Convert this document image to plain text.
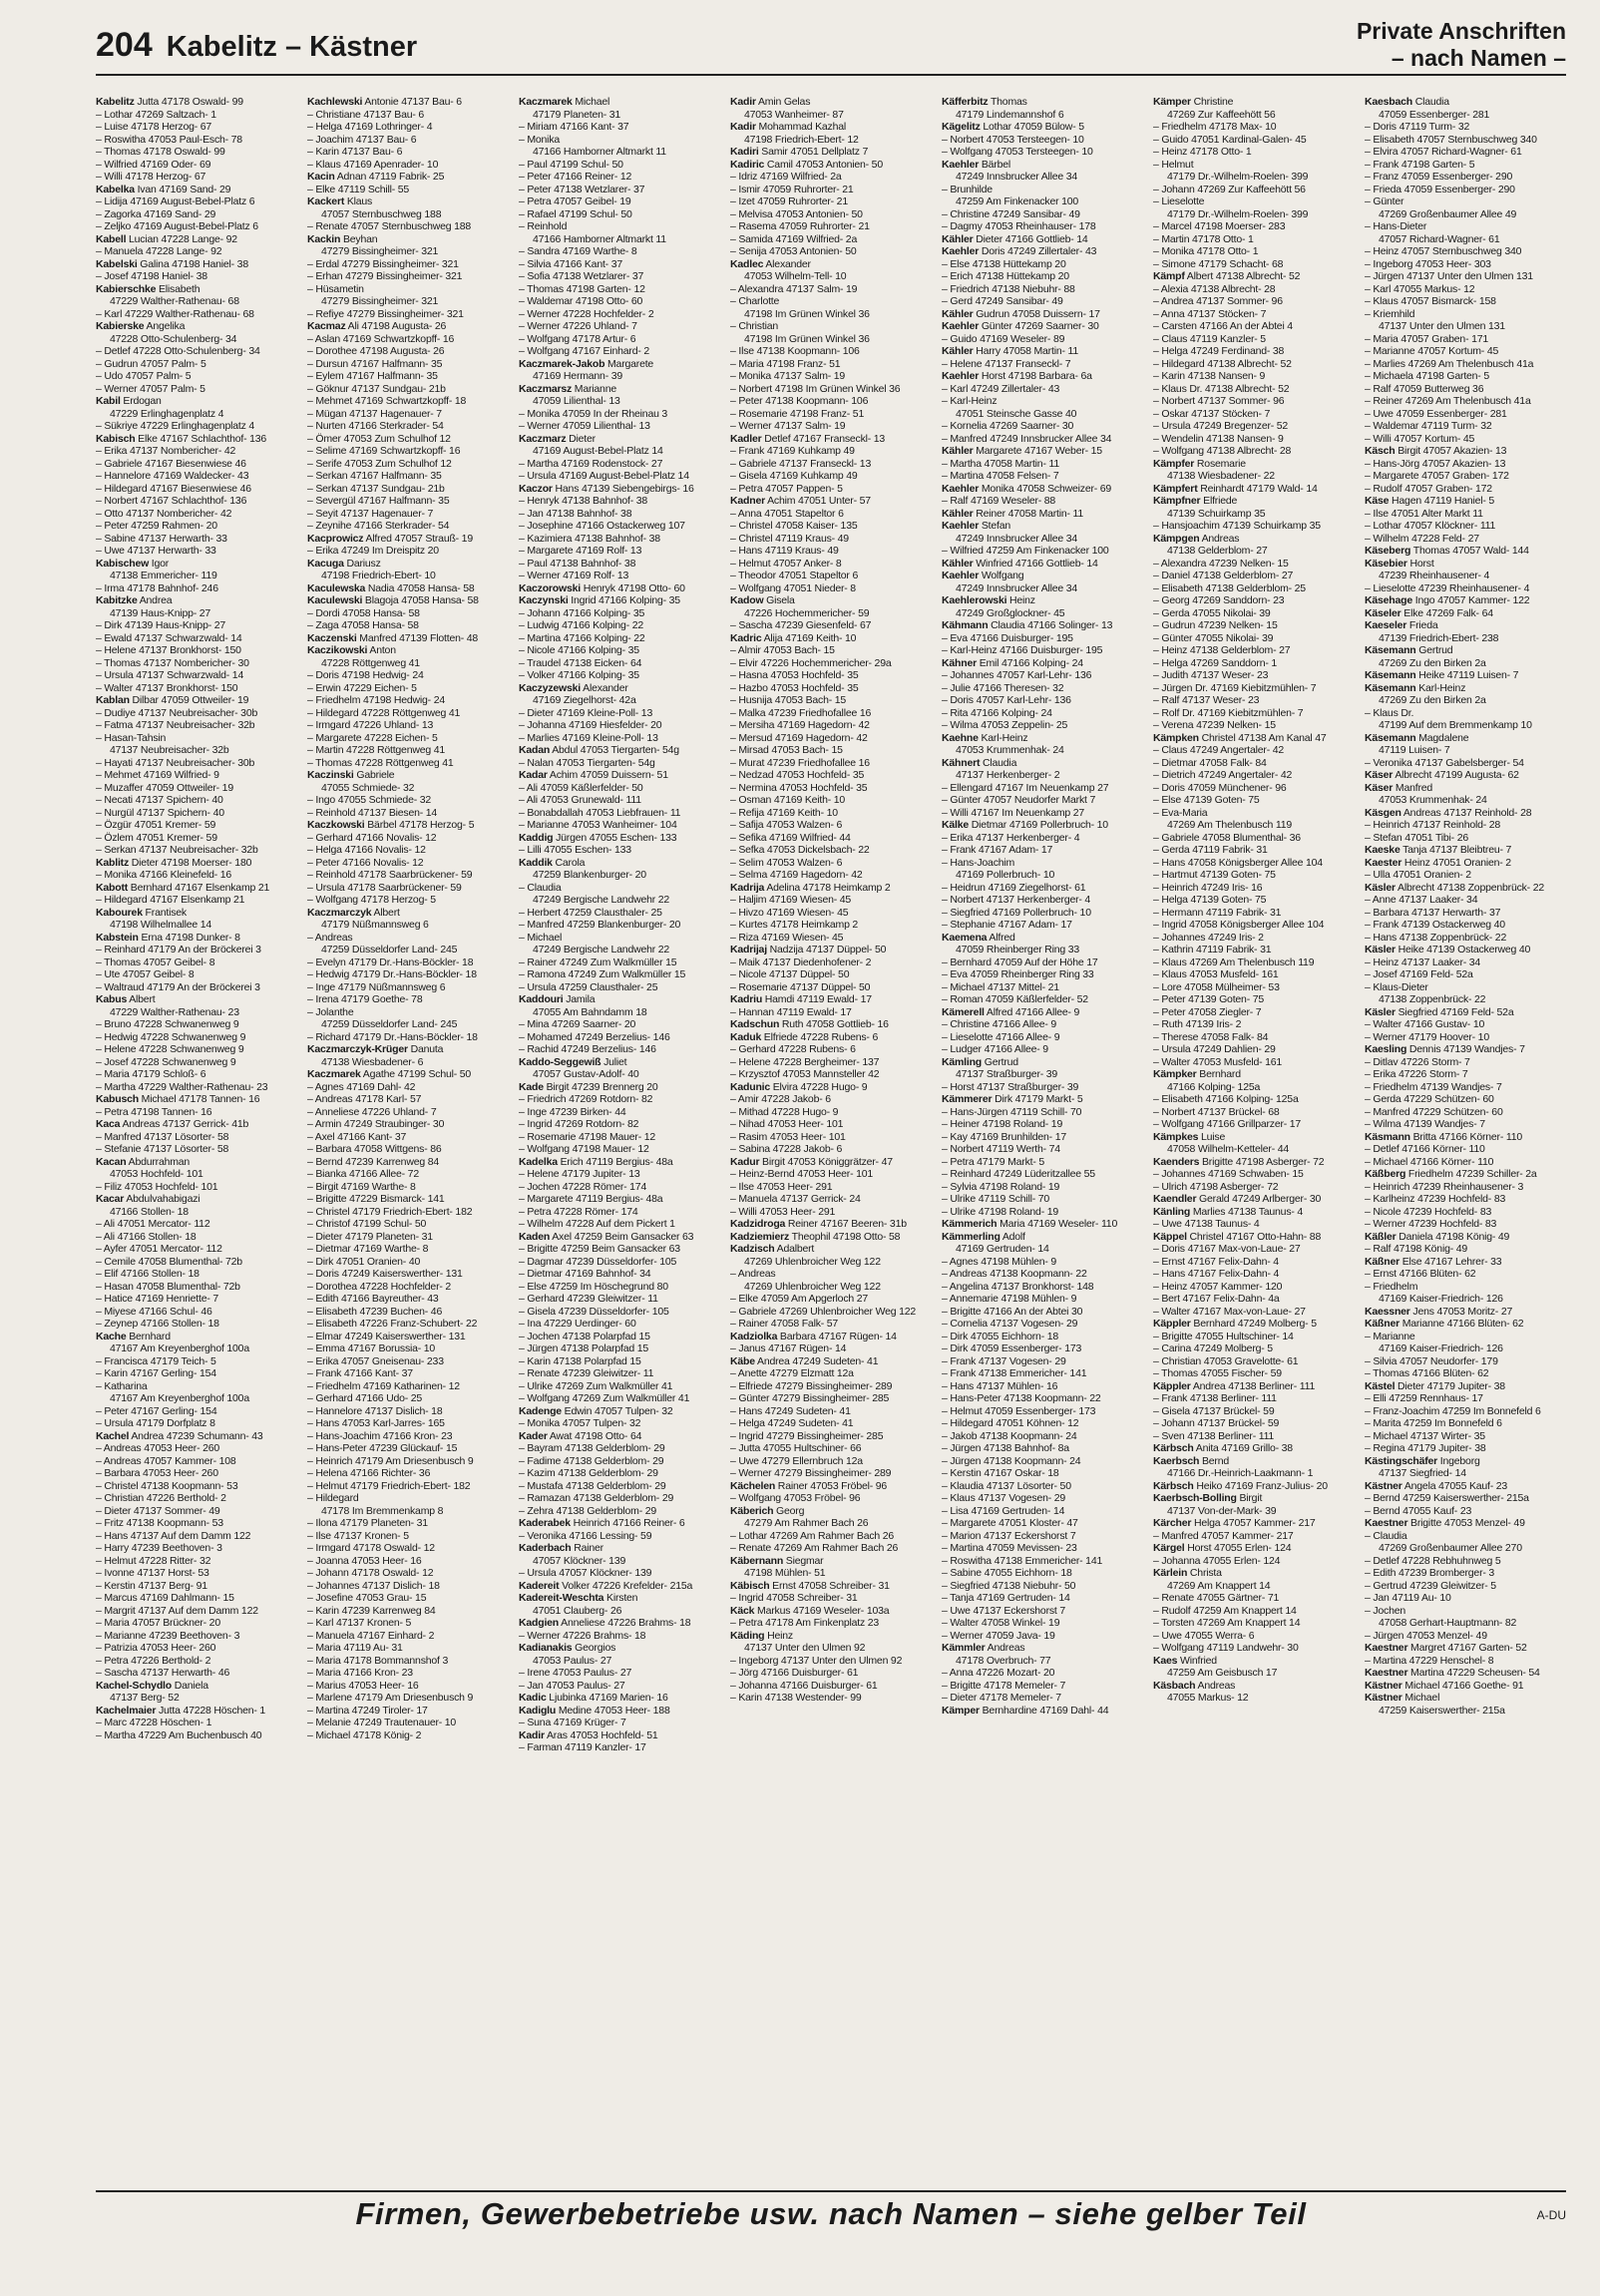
204 Kabelitz – Kästner	Private Anschriften
– nach Namen –
Kabelitz Jutta 47178 Oswald- 99
– Lothar 47269 Saltzach- 1
– Luise 47178 Herzog- 67
– Roswitha 47053 Paul-Esch- 78
– Thomas 47178 Oswald- 99
– Wilfried 47169 Oder- 69
– Willi 47178 Herzog- 67
Kabelka Ivan 47169 Sand- 29
– Lidija 47169 August-Bebel-Platz 6
– Zagorka 47169 Sand- 29
– Zeljko 47169 August-Bebel-Platz 6
Kabell Lucian 47228 Lange- 92
– Manuela 47228 Lange- 92
Kabelski Galina 47198 Haniel- 38
– Josef 47198 Haniel- 38
Kabierschke Elisabeth
47229 Walther-Rathenau- 68
– Karl 47229 Walther-Rathenau- 68
Kabierske Angelika
47228 Otto-Schulenberg- 34
– Detlef 47228 Otto-Schulenberg- 34
– Gudrun 47057 Palm- 5
– Udo 47057 Palm- 5
– Werner 47057 Palm- 5
Kabil Erdogan
47229 Erlinghagenplatz 4
– Sükriye 47229 Erlinghagenplatz 4
Kabisch Elke 47167 Schlachthof- 136
– Erika 47137 Nombericher- 42
– Gabriele 47167 Biesenwiese 46
– Hannelore 47169 Waldecker- 43
– Hildegard 47167 Biesenwiese 46
– Norbert 47167 Schlachthof- 136
– Otto 47137 Nombericher- 42
– Peter 47259 Rahmen- 20
– Sabine 47137 Herwarth- 33
– Uwe 47137 Herwarth- 33
Kabischew Igor
47138 Emmericher- 119
– Irma 47178 Bahnhof- 246
Kabitzke Andrea
47139 Haus-Knipp- 27
– Dirk 47139 Haus-Knipp- 27
– Ewald 47137 Schwarzwald- 14
– Helene 47137 Bronkhorst- 150
– Thomas 47137 Nombericher- 30
– Ursula 47137 Schwarzwald- 14
– Walter 47137 Bronkhorst- 150
Kablan Dilbar 47059 Ottweiler- 19
– Dudiye 47137 Neubreisacher- 30b
– Fatma 47137 Neubreisacher- 32b
– Hasan-Tahsin
47137 Neubreisacher- 32b
– Hayati 47137 Neubreisacher- 30b
– Mehmet 47169 Wilfried- 9
– Muzaffer 47059 Ottweiler- 19
– Necati 47137 Spichern- 40
– Nurgül 47137 Spichern- 40
– Özgür 47051 Kremer- 59
– Özlem 47051 Kremer- 59
– Serkan 47137 Neubreisacher- 32b
Kablitz Dieter 47198 Moerser- 180
– Monika 47166 Kleinefeld- 16
Kabott Bernhard 47167 Elsenkamp 21
– Hildegard 47167 Elsenkamp 21
Kabourek Frantisek
47198 Wilhelmallee 14
Kabstein Erna 47198 Dunker- 8
– Reinhard 47179 An der Bröckerei 3
– Thomas 47057 Geibel- 8
– Ute 47057 Geibel- 8
– Waltraud 47179 An der Bröckerei 3
Kabus Albert
47229 Walther-Rathenau- 23
– Bruno 47228 Schwanenweg 9
– Hedwig 47228 Schwanenweg 9
– Helene 47228 Schwanenweg 9
– Josef 47228 Schwanenweg 9
– Maria 47179 Schloß- 6
– Martha 47229 Walther-Rathenau- 23
Kabusch Michael 47178 Tannen- 16
– Petra 47198 Tannen- 16
Kaca Andreas 47137 Gerrick- 41b
– Manfred 47137 Lösorter- 58
– Stefanie 47137 Lösorter- 58
Kacan Abdurrahman
47053 Hochfeld- 101
– Filiz 47053 Hochfeld- 101
Kacar Abdulvahabigazi
47166 Stollen- 18
– Ali 47051 Mercator- 112
– Ali 47166 Stollen- 18
– Ayfer 47051 Mercator- 112
– Cemile 47058 Blumenthal- 72b
– Elif 47166 Stollen- 18
– Hasan 47058 Blumenthal- 72b
– Hatice 47169 Henriette- 7
– Miyese 47166 Schul- 46
– Zeynep 47166 Stollen- 18
Kache Bernhard
47167 Am Kreyenberghof 100a
– Francisca 47179 Teich- 5
– Karin 47167 Gerling- 154
– Katharina
47167 Am Kreyenberghof 100a
– Peter 47167 Gerling- 154
– Ursula 47179 Dorfplatz 8
Kachel Andrea 47239 Schumann- 43
– Andreas 47053 Heer- 260
– Andreas 47057 Kammer- 108
– Barbara 47053 Heer- 260
– Christel 47138 Koopmann- 53
– Christian 47226 Berthold- 2
– Dieter 47137 Sommer- 49
– Fritz 47138 Koopmann- 53
– Hans 47137 Auf dem Damm 122
– Harry 47239 Beethoven- 3
– Helmut 47228 Ritter- 32
– Ivonne 47137 Horst- 53
– Kerstin 47137 Berg- 91
– Marcus 47169 Dahlmann- 15
– Margrit 47137 Auf dem Damm 122
– Maria 47057 Brückner- 20
– Marianne 47239 Beethoven- 3
– Patrizia 47053 Heer- 260
– Petra 47226 Berthold- 2
– Sascha 47137 Herwarth- 46
Kachel-Schydlo Daniela
47137 Berg- 52
Kachelmaier Jutta 47228 Höschen- 1
– Marc 47228 Höschen- 1
– Martha 47229 Am Buchenbusch 40
Kachlewski Antonie 47137 Bau- 6
– Christiane 47137 Bau- 6
– Helga 47169 Lothringer- 4
– Joachim 47137 Bau- 6
– Karin 47137 Bau- 6
– Klaus 47169 Apenrader- 10
Kacin Adnan 47119 Fabrik- 25
– Elke 47119 Schill- 55
Kackert Klaus
47057 Sternbuschweg 188
– Renate 47057 Sternbuschweg 188
Kackin Beyhan
47279 Bissingheimer- 321
– Erdal 47279 Bissingheimer- 321
– Erhan 47279 Bissingheimer- 321
– Hüsametin
47279 Bissingheimer- 321
– Refiye 47279 Bissingheimer- 321
Kacmaz Ali 47198 Augusta- 26
– Aslan 47169 Schwartzkopff- 16
– Dorothee 47198 Augusta- 26
– Dursun 47167 Halfmann- 35
– Eylem 47167 Halfmann- 35
– Göknur 47137 Sundgau- 21b
– Mehmet 47169 Schwartzkopff- 18
– Mügan 47137 Hagenauer- 7
– Nurten 47166 Sterkrader- 54
– Ömer 47053 Zum Schulhof 12
– Selime 47169 Schwartzkopff- 16
– Serife 47053 Zum Schulhof 12
– Serkan 47167 Halfmann- 35
– Serkan 47137 Sundgau- 21b
– Severgül 47167 Halfmann- 35
– Seyit 47137 Hagenauer- 7
– Zeynihe 47166 Sterkrader- 54
Kacprowicz Alfred 47057 Strauß- 19
– Erika 47249 Im Dreispitz 20
Kacuga Dariusz
47198 Friedrich-Ebert- 10
Kaculewska Nadia 47058 Hansa- 58
Kaculewski Blagoja 47058 Hansa- 58
– Dordi 47058 Hansa- 58
– Zaga 47058 Hansa- 58
Kaczenski Manfred 47139 Flotten- 48
Kaczikowski Anton
47228 Röttgenweg 41
– Doris 47198 Hedwig- 24
– Erwin 47229 Eichen- 5
– Friedhelm 47198 Hedwig- 24
– Hildegard 47228 Röttgenweg 41
– Irmgard 47226 Uhland- 13
– Margarete 47228 Eichen- 5
– Martin 47228 Röttgenweg 41
– Thomas 47228 Röttgenweg 41
Kaczinski Gabriele
47055 Schmiede- 32
– Ingo 47055 Schmiede- 32
– Reinhold 47137 Biesen- 14
Kaczkowski Bärbel 47178 Herzog- 5
– Gerhard 47166 Novalis- 12
– Helga 47166 Novalis- 12
– Peter 47166 Novalis- 12
– Reinhold 47178 Saarbrückener- 59
– Ursula 47178 Saarbrückener- 59
– Wolfgang 47178 Herzog- 5
Kaczmarczyk Albert
47179 Nüßmannsweg 6
– Andreas
47259 Düsseldorfer Land- 245
– Evelyn 47179 Dr.-Hans-Böckler- 18
– Hedwig 47179 Dr.-Hans-Böckler- 18
– Inge 47179 Nüßmannsweg 6
– Irena 47179 Goethe- 78
– Jolanthe
47259 Düsseldorfer Land- 245
– Richard 47179 Dr.-Hans-Böckler- 18
Kaczmarczyk-Krüger Danuta
47138 Wiesbadener- 6
Kaczmarek Agathe 47199 Schul- 50
– Agnes 47169 Dahl- 42
– Andreas 47178 Karl- 57
– Anneliese 47226 Uhland- 7
– Armin 47249 Straubinger- 30
– Axel 47166 Kant- 37
– Barbara 47058 Wittgens- 86
– Bernd 47239 Karrenweg 84
– Bianka 47166 Allee- 72
– Birgit 47169 Warthe- 8
– Brigitte 47229 Bismarck- 141
– Christel 47179 Friedrich-Ebert- 182
– Christof 47199 Schul- 50
– Dieter 47179 Planeten- 31
– Dietmar 47169 Warthe- 8
– Dirk 47051 Oranien- 40
– Doris 47249 Kaiserswerther- 131
– Dorothea 47228 Hochfelder- 2
– Edith 47166 Bayreuther- 43
– Elisabeth 47239 Buchen- 46
– Elisabeth 47226 Franz-Schubert- 22
– Elmar 47249 Kaiserswerther- 131
– Emma 47167 Borussia- 10
– Erika 47057 Gneisenau- 233
– Frank 47166 Kant- 37
– Friedhelm 47169 Katharinen- 12
– Gerhard 47166 Udo- 25
– Hannelore 47137 Dislich- 18
– Hans 47053 Karl-Jarres- 165
– Hans-Joachim 47166 Kron- 23
– Hans-Peter 47239 Glückauf- 15
– Heinrich 47179 Am Driesenbusch 9
– Helena 47166 Richter- 36
– Helmut 47179 Friedrich-Ebert- 182
– Hildegard
47178 Im Bremmenkamp 8
– Ilona 47179 Planeten- 31
– Ilse 47137 Kronen- 5
– Irmgard 47178 Oswald- 12
– Joanna 47053 Heer- 16
– Johann 47178 Oswald- 12
– Johannes 47137 Dislich- 18
– Josefine 47053 Grau- 15
– Karin 47239 Karrenweg 84
– Karl 47137 Kronen- 5
– Manuela 47167 Einhard- 2
– Maria 47119 Au- 31
– Maria 47178 Bommannshof 3
– Maria 47166 Kron- 23
– Marius 47053 Heer- 16
– Marlene 47179 Am Driesenbusch 9
– Martina 47249 Tiroler- 17
– Melanie 47249 Trautenauer- 10
– Michael 47178 König- 2
Kaczmarek Michael
47179 Planeten- 31
– Miriam 47166 Kant- 37
– Monika
47166 Hamborner Altmarkt 11
– Paul 47199 Schul- 50
– Peter 47166 Reiner- 12
– Peter 47138 Wetzlarer- 37
– Petra 47057 Geibel- 19
– Rafael 47199 Schul- 50
– Reinhold
47166 Hamborner Altmarkt 11
– Sandra 47169 Warthe- 8
– Silvia 47166 Kant- 37
– Sofia 47138 Wetzlarer- 37
– Thomas 47198 Garten- 12
– Waldemar 47198 Otto- 60
– Werner 47228 Hochfelder- 2
– Werner 47226 Uhland- 7
– Wolfgang 47178 Artur- 6
– Wolfgang 47167 Einhard- 2
Kaczmarek-Jakob Margarete
47169 Hermann- 39
Kaczmarsz Marianne
47059 Lilienthal- 13
– Monika 47059 In der Rheinau 3
– Werner 47059 Lilienthal- 13
Kaczmarz Dieter
47169 August-Bebel-Platz 14
– Martha 47169 Rodenstock- 27
– Ursula 47169 August-Bebel-Platz 14
Kaczor Hans 47139 Siebengebirgs- 16
– Henryk 47138 Bahnhof- 38
– Jan 47138 Bahnhof- 38
– Josephine 47166 Ostackerweg 107
– Kazimiera 47138 Bahnhof- 38
– Margarete 47169 Rolf- 13
– Paul 47138 Bahnhof- 38
– Werner 47169 Rolf- 13
Kaczorowski Henryk 47198 Otto- 60
Kaczynski Ingrid 47166 Kolping- 35
– Johann 47166 Kolping- 35
– Ludwig 47166 Kolping- 22
– Martina 47166 Kolping- 22
– Nicole 47166 Kolping- 35
– Traudel 47138 Eicken- 64
– Volker 47166 Kolping- 35
Kaczyzewski Alexander
47169 Ziegelhorst- 42a
– Dieter 47169 Kleine-Poll- 13
– Johanna 47169 Hiesfelder- 20
– Marlies 47169 Kleine-Poll- 13
Kadan Abdul 47053 Tiergarten- 54g
– Nalan 47053 Tiergarten- 54g
Kadar Achim 47059 Duissern- 51
– Ali 47059 Käßlerfelder- 50
– Ali 47053 Grunewald- 111
– Bonabdallah 47053 Liebfrauen- 11
– Marianne 47053 Wanheimer- 104
Kaddig Jürgen 47055 Eschen- 133
– Lilli 47055 Eschen- 133
Kaddik Carola
47259 Blankenburger- 20
– Claudia
47249 Bergische Landwehr 22
– Herbert 47259 Clausthaler- 25
– Manfred 47259 Blankenburger- 20
– Michael
47249 Bergische Landwehr 22
– Rainer 47249 Zum Walkmüller 15
– Ramona 47249 Zum Walkmüller 15
– Ursula 47259 Clausthaler- 25
Kaddouri Jamila
47055 Am Bahndamm 18
– Mina 47269 Saarner- 20
– Mohamed 47249 Berzelius- 146
– Rachid 47249 Berzelius- 146
Kaddo-Seggewiß Juliet
47057 Gustav-Adolf- 40
Kade Birgit 47239 Brennerg 20
– Friedrich 47269 Rotdorn- 82
– Inge 47239 Birken- 44
– Ingrid 47269 Rotdorn- 82
– Rosemarie 47198 Mauer- 12
– Wolfgang 47198 Mauer- 12
Kadelka Erich 47119 Bergius- 48a
– Helene 47179 Jupiter- 13
– Jochen 47228 Römer- 174
– Margarete 47119 Bergius- 48a
– Petra 47228 Römer- 174
– Wilhelm 47228 Auf dem Pickert 1
Kaden Axel 47259 Beim Gansacker 63
– Brigitte 47259 Beim Gansacker 63
– Dagmar 47239 Düsseldorfer- 105
– Dietmar 47169 Bahnhof- 34
– Else 47259 Im Höschegrund 80
– Gerhard 47239 Gleiwitzer- 11
– Gisela 47239 Düsseldorfer- 105
– Ina 47229 Uerdinger- 60
– Jochen 47138 Polarpfad 15
– Jürgen 47138 Polarpfad 15
– Karin 47138 Polarpfad 15
– Renate 47239 Gleiwitzer- 11
– Ulrike 47269 Zum Walkmüller 41
– Wolfgang 47269 Zum Walkmüller 41
Kadenge Edwin 47057 Tulpen- 32
– Monika 47057 Tulpen- 32
Kader Awat 47198 Otto- 64
– Bayram 47138 Gelderblom- 29
– Fadime 47138 Gelderblom- 29
– Kazim 47138 Gelderblom- 29
– Mustafa 47138 Gelderblom- 29
– Ramazan 47138 Gelderblom- 29
– Zehra 47138 Gelderblom- 29
Kaderabek Heinrich 47166 Reiner- 6
– Veronika 47166 Lessing- 59
Kaderbach Rainer
47057 Klöckner- 139
– Ursula 47057 Klöckner- 139
Kadereit Volker 47226 Krefelder- 215a
Kadereit-Weschta Kirsten
47051 Clauberg- 26
Kadgien Anneliese 47226 Brahms- 18
– Werner 47226 Brahms- 18
Kadianakis Georgios
47053 Paulus- 27
– Irene 47053 Paulus- 27
– Jan 47053 Paulus- 27
Kadic Ljubinka 47169 Marien- 16
Kadiglu Medine 47053 Heer- 188
– Suna 47169 Krüger- 7
Kadir Aras 47053 Hochfeld- 51
– Farman 47119 Kanzler- 17
Kadir Amin Gelas
47053 Wanheimer- 87
Kadir Mohammad Kazhal
47198 Friedrich-Ebert- 12
Kadiri Samir 47051 Dellplatz 7
Kadiric Camil 47053 Antonien- 50
– Idriz 47169 Wilfried- 2a
– Ismir 47059 Ruhrorter- 21
– Izet 47059 Ruhrorter- 21
– Melvisa 47053 Antonien- 50
– Rasema 47059 Ruhrorter- 21
– Samida 47169 Wilfried- 2a
– Senija 47053 Antonien- 50
Kadlec Alexander
47053 Wilhelm-Tell- 10
– Alexandra 47137 Salm- 19
– Charlotte
47198 Im Grünen Winkel 36
– Christian
47198 Im Grünen Winkel 36
– Ilse 47138 Koopmann- 106
– Maria 47198 Franz- 51
– Monika 47137 Salm- 19
– Norbert 47198 Im Grünen Winkel 36
– Peter 47138 Koopmann- 106
– Rosemarie 47198 Franz- 51
– Werner 47137 Salm- 19
Kadler Detlef 47167 Franseckl- 13
– Frank 47169 Kuhkamp 49
– Gabriele 47137 Franseckl- 13
– Gisela 47169 Kuhkamp 49
– Petra 47057 Pappen- 5
Kadner Achim 47051 Unter- 57
– Anna 47051 Stapeltor 6
– Christel 47058 Kaiser- 135
– Christel 47119 Kraus- 49
– Hans 47119 Kraus- 49
– Helmut 47057 Anker- 8
– Theodor 47051 Stapeltor 6
– Wolfgang 47051 Nieder- 8
Kadow Gisela
47226 Hochemmericher- 59
– Sascha 47239 Giesenfeld- 67
Kadric Alija 47169 Keith- 10
– Almir 47053 Bach- 15
– Elvir 47226 Hochemmericher- 29a
– Hasna 47053 Hochfeld- 35
– Hazbo 47053 Hochfeld- 35
– Husnija 47053 Bach- 15
– Malka 47239 Friedhofallee 16
– Mersiha 47169 Hagedorn- 42
– Mersud 47169 Hagedorn- 42
– Mirsad 47053 Bach- 15
– Murat 47239 Friedhofallee 16
– Nedzad 47053 Hochfeld- 35
– Nermina 47053 Hochfeld- 35
– Osman 47169 Keith- 10
– Refija 47169 Keith- 10
– Safija 47053 Walzen- 6
– Sefika 47169 Wilfried- 44
– Sefka 47053 Dickelsbach- 22
– Selim 47053 Walzen- 6
– Selma 47169 Hagedorn- 42
Kadrija Adelina 47178 Heimkamp 2
– Haljim 47169 Wiesen- 45
– Hivzo 47169 Wiesen- 45
– Kurtes 47178 Heimkamp 2
– Riza 47169 Wiesen- 45
Kadrijaj Nadzija 47137 Düppel- 50
– Maik 47137 Diedenhofener- 2
– Nicole 47137 Düppel- 50
– Rosemarie 47137 Düppel- 50
Kadriu Hamdi 47119 Ewald- 17
– Hannan 47119 Ewald- 17
Kadschun Ruth 47058 Gottlieb- 16
Kaduk Elfriede 47228 Rubens- 6
– Gerhard 47228 Rubens- 6
– Helene 47228 Bergheimer- 137
– Krzysztof 47053 Mannsteller 42
Kadunic Elvira 47228 Hugo- 9
– Amir 47228 Jakob- 6
– Mithad 47228 Hugo- 9
– Nihad 47053 Heer- 101
– Rasim 47053 Heer- 101
– Sabina 47228 Jakob- 6
Kadur Birgit 47053 Königgrätzer- 47
– Heinz-Bernd 47053 Heer- 101
– Ilse 47053 Heer- 291
– Manuela 47137 Gerrick- 24
– Willi 47053 Heer- 291
Kadzidroga Reiner 47167 Beeren- 31b
Kadziemierz Theophil 47198 Otto- 58
Kadzisch Adalbert
47269 Uhlenbroicher Weg 122
– Andreas
47269 Uhlenbroicher Weg 122
– Elke 47059 Am Apgerloch 27
– Gabriele 47269 Uhlenbroicher Weg 122
– Rainer 47058 Falk- 57
Kadziolka Barbara 47167 Rügen- 14
– Janus 47167 Rügen- 14
Käbe Andrea 47249 Sudeten- 41
– Anette 47279 Elzmatt 12a
– Elfriede 47279 Bissingheimer- 289
– Günter 47279 Bissingheimer- 285
– Hans 47249 Sudeten- 41
– Helga 47249 Sudeten- 41
– Ingrid 47279 Bissingheimer- 285
– Jutta 47055 Hultschiner- 66
– Uwe 47279 Ellernbruch 12a
– Werner 47279 Bissingheimer- 289
Kächelen Rainer 47053 Fröbel- 96
– Wolfgang 47053 Fröbel- 96
Käberich Georg
47279 Am Rahmer Bach 26
– Lothar 47269 Am Rahmer Bach 26
– Renate 47269 Am Rahmer Bach 26
Käbernann Siegmar
47198 Mühlen- 51
Käbisch Ernst 47058 Schreiber- 31
– Ingrid 47058 Schreiber- 31
Käck Markus 47169 Weseler- 103a
– Petra 47178 Am Finkenplatz 23
Käding Heinz
47137 Unter den Ulmen 92
– Ingeborg 47137 Unter den Ulmen 92
– Jörg 47166 Duisburger- 61
– Johanna 47166 Duisburger- 61
– Karin 47138 Westender- 99
Käfferbitz Thomas
47179 Lindemannshof 6
Kägelitz Lothar 47059 Bülow- 5
– Norbert 47053 Tersteegen- 10
– Wolfgang 47053 Tersteegen- 10
Kaehler Bärbel
47249 Innsbrucker Allee 34
– Brunhilde
47259 Am Finkenacker 100
– Christine 47249 Sansibar- 49
– Dagmy 47053 Rheinhauser- 178
Kähler Dieter 47166 Gottlieb- 14
Kaehler Doris 47249 Zillertaler- 43
– Else 47138 Hüttekamp 20
– Erich 47138 Hüttekamp 20
– Friedrich 47138 Niebuhr- 88
– Gerd 47249 Sansibar- 49
Kähler Gudrun 47058 Duissern- 17
Kaehler Günter 47269 Saarner- 30
– Guido 47169 Weseler- 89
Kähler Harry 47058 Martin- 11
– Helene 47137 Franseckl- 7
Kaehler Horst 47198 Barbara- 6a
– Karl 47249 Zillertaler- 43
– Karl-Heinz
47051 Steinsche Gasse 40
– Kornelia 47269 Saarner- 30
– Manfred 47249 Innsbrucker Allee 34
Kähler Margarete 47167 Weber- 15
– Martha 47058 Martin- 11
– Martina 47058 Felsen- 7
Kaehler Monika 47058 Schweizer- 69
– Ralf 47169 Weseler- 88
Kähler Reiner 47058 Martin- 11
Kaehler Stefan
47249 Innsbrucker Allee 34
– Wilfried 47259 Am Finkenacker 100
Kähler Winfried 47166 Gottlieb- 14
Kaehler Wolfgang
47249 Innsbrucker Allee 34
Kaehlerowski Heinz
47249 Großglockner- 45
Kähmann Claudia 47166 Solinger- 13
– Eva 47166 Duisburger- 195
– Karl-Heinz 47166 Duisburger- 195
Kähner Emil 47166 Kolping- 24
– Johannes 47057 Karl-Lehr- 136
– Julie 47166 Theresen- 32
– Doris 47057 Karl-Lehr- 136
– Rita 47166 Kolping- 24
– Wilma 47053 Zeppelin- 25
Kaehne Karl-Heinz
47053 Krummenhak- 24
Kähnert Claudia
47137 Herkenberger- 2
– Ellengard 47167 Im Neuenkamp 27
– Günter 47057 Neudorfer Markt 7
– Willi 47167 Im Neuenkamp 27
Kälke Dietmar 47169 Pollerbruch- 10
– Erika 47137 Herkenberger- 4
– Frank 47167 Adam- 17
– Hans-Joachim
47169 Pollerbruch- 10
– Heidrun 47169 Ziegelhorst- 61
– Norbert 47137 Herkenberger- 4
– Siegfried 47169 Pollerbruch- 10
– Stephanie 47167 Adam- 17
Kaemena Alfred
47059 Rheinberger Ring 33
– Bernhard 47059 Auf der Höhe 17
– Eva 47059 Rheinberger Ring 33
– Michael 47137 Mittel- 21
– Roman 47059 Käßlerfelder- 52
Kämerell Alfred 47166 Allee- 9
– Christine 47166 Allee- 9
– Lieselotte 47166 Allee- 9
– Ludger 47166 Allee- 9
Kämling Gertrud
47137 Straßburger- 39
– Horst 47137 Straßburger- 39
Kämmerer Dirk 47179 Markt- 5
– Hans-Jürgen 47119 Schill- 70
– Heiner 47198 Roland- 19
– Kay 47169 Brunhilden- 17
– Norbert 47119 Werth- 74
– Petra 47179 Markt- 5
– Reinhard 47249 Lüderitzallee 55
– Sylvia 47198 Roland- 19
– Ulrike 47119 Schill- 70
– Ulrike 47198 Roland- 19
Kämmerich Maria 47169 Weseler- 110
Kämmerling Adolf
47169 Gertruden- 14
– Agnes 47198 Mühlen- 9
– Andreas 47138 Koopmann- 22
– Angelina 47137 Bronkhorst- 148
– Annemarie 47198 Mühlen- 9
– Brigitte 47166 An der Abtei 30
– Cornelia 47137 Vogesen- 29
– Dirk 47055 Eichhorn- 18
– Dirk 47059 Essenberger- 173
– Frank 47137 Vogesen- 29
– Frank 47138 Emmericher- 141
– Hans 47137 Mühlen- 16
– Hans-Peter 47138 Koopmann- 22
– Helmut 47059 Essenberger- 173
– Hildegard 47051 Köhnen- 12
– Jakob 47138 Koopmann- 24
– Jürgen 47138 Bahnhof- 8a
– Jürgen 47138 Koopmann- 24
– Kerstin 47167 Oskar- 18
– Klaudia 47137 Lösorter- 50
– Klaus 47137 Vogesen- 29
– Lisa 47169 Gertruden- 14
– Margarete 47051 Kloster- 47
– Marion 47137 Eckershorst 7
– Martina 47059 Mevissen- 23
– Roswitha 47138 Emmericher- 141
– Sabine 47055 Eichhorn- 18
– Siegfried 47138 Niebuhr- 50
– Tanja 47169 Gertruden- 14
– Uwe 47137 Eckershorst 7
– Walter 47058 Winkel- 19
– Werner 47059 Java- 19
Kämmler Andreas
47178 Overbruch- 77
– Anna 47226 Mozart- 20
– Brigitte 47178 Memeler- 7
– Dieter 47178 Memeler- 7
Kämper Bernhardine 47169 Dahl- 44
Kämper Christine
47269 Zur Kaffeehött 56
– Friedhelm 47178 Max- 10
– Guido 47051 Kardinal-Galen- 45
– Heinz 47178 Otto- 1
– Helmut
47179 Dr.-Wilhelm-Roelen- 399
– Johann 47269 Zur Kaffeehött 56
– Lieselotte
47179 Dr.-Wilhelm-Roelen- 399
– Marcel 47198 Moerser- 283
– Martin 47178 Otto- 1
– Monika 47178 Otto- 1
– Simone 47179 Schacht- 68
Kämpf Albert 47138 Albrecht- 52
– Alexia 47138 Albrecht- 28
– Andrea 47137 Sommer- 96
– Anna 47137 Stöcken- 7
– Carsten 47166 An der Abtei 4
– Claus 47119 Kanzler- 5
– Helga 47249 Ferdinand- 38
– Hildegard 47138 Albrecht- 52
– Karin 47138 Nansen- 9
– Klaus Dr. 47138 Albrecht- 52
– Norbert 47137 Sommer- 96
– Oskar 47137 Stöcken- 7
– Ursula 47249 Bregenzer- 52
– Wendelin 47138 Nansen- 9
– Wolfgang 47138 Albrecht- 28
Kämpfer Rosemarie
47138 Wiesbadener- 22
Kämpfert Reinhardt 47179 Wald- 14
Kämpfner Elfriede
47139 Schuirkamp 35
– Hansjoachim 47139 Schuirkamp 35
Kämpgen Andreas
47138 Gelderblom- 27
– Alexandra 47239 Nelken- 15
– Daniel 47138 Gelderblom- 27
– Elisabeth 47138 Gelderblom- 25
– Georg 47269 Sanddorn- 23
– Gerda 47055 Nikolai- 39
– Gudrun 47239 Nelken- 15
– Günter 47055 Nikolai- 39
– Heinz 47138 Gelderblom- 27
– Helga 47269 Sanddorn- 1
– Judith 47137 Weser- 23
– Jürgen Dr. 47169 Kiebitzmühlen- 7
– Ralf 47137 Weser- 23
– Rolf Dr. 47169 Kiebitzmühlen- 7
– Verena 47239 Nelken- 15
Kämpken Christel 47138 Am Kanal 47
– Claus 47249 Angertaler- 42
– Dietmar 47058 Falk- 84
– Dietrich 47249 Angertaler- 42
– Doris 47059 Münchener- 96
– Else 47139 Goten- 75
– Eva-Maria
47269 Am Thelenbusch 119
– Gabriele 47058 Blumenthal- 36
– Gerda 47119 Fabrik- 31
– Hans 47058 Königsberger Allee 104
– Hartmut 47139 Goten- 75
– Heinrich 47249 Iris- 16
– Helga 47139 Goten- 75
– Hermann 47119 Fabrik- 31
– Ingrid 47058 Königsberger Allee 104
– Johannes 47249 Iris- 2
– Kathrin 47119 Fabrik- 31
– Klaus 47269 Am Thelenbusch 119
– Klaus 47053 Musfeld- 161
– Lore 47058 Mülheimer- 53
– Peter 47139 Goten- 75
– Peter 47058 Ziegler- 7
– Ruth 47139 Iris- 2
– Therese 47058 Falk- 84
– Ursula 47249 Dahlien- 29
– Walter 47053 Musfeld- 161
Kämpker Bernhard
47166 Kolping- 125a
– Elisabeth 47166 Kolping- 125a
– Norbert 47137 Brückel- 68
– Wolfgang 47166 Grillparzer- 17
Kämpkes Luise
47058 Wilhelm-Ketteler- 44
Kaenders Brigitte 47198 Asberger- 72
– Johannes 47169 Schwaben- 15
– Ulrich 47198 Asberger- 72
Kaendler Gerald 47249 Arlberger- 30
Känling Marlies 47138 Taunus- 4
– Uwe 47138 Taunus- 4
Käppel Christel 47167 Otto-Hahn- 88
– Doris 47167 Max-von-Laue- 27
– Ernst 47167 Felix-Dahn- 4
– Hans 47167 Felix-Dahn- 4
– Heinz 47057 Kammer- 120
– Bert 47167 Felix-Dahn- 4a
– Walter 47167 Max-von-Laue- 27
Käppler Bernhard 47249 Molberg- 5
– Brigitte 47055 Hultschiner- 14
– Carina 47249 Molberg- 5
– Christian 47053 Gravelotte- 61
– Thomas 47055 Fischer- 59
Käppler Andrea 47138 Berliner- 111
– Frank 47138 Berliner- 111
– Gisela 47137 Brückel- 59
– Johann 47137 Brückel- 59
– Sven 47138 Berliner- 111
Kärbsch Anita 47169 Grillo- 38
Kaerbsch Bernd
47166 Dr.-Heinrich-Laakmann- 1
Kärbsch Heiko 47169 Franz-Julius- 20
Kaerbsch-Bolling Birgit
47137 Von-der-Mark- 39
Kärcher Helga 47057 Kammer- 217
– Manfred 47057 Kammer- 217
Kärgel Horst 47055 Erlen- 124
– Johanna 47055 Erlen- 124
Kärlein Christa
47269 Am Knappert 14
– Renate 47055 Gärtner- 71
– Rudolf 47259 Am Knappert 14
– Torsten 47269 Am Knappert 14
– Uwe 47055 Werra- 6
– Wolfgang 47119 Landwehr- 30
Kaes Winfried
47259 Am Geisbusch 17
Käsbach Andreas
47055 Markus- 12
Kaesbach Claudia
47059 Essenberger- 281
– Doris 47119 Turm- 32
– Elisabeth 47057 Sternbuschweg 340
– Elvira 47057 Richard-Wagner- 61
– Frank 47198 Garten- 5
– Franz 47059 Essenberger- 290
– Frieda 47059 Essenberger- 290
– Günter
47269 Großenbaumer Allee 49
– Hans-Dieter
47057 Richard-Wagner- 61
– Heinz 47057 Sternbuschweg 340
– Ingeborg 47053 Heer- 303
– Jürgen 47137 Unter den Ulmen 131
– Karl 47055 Markus- 12
– Klaus 47057 Bismarck- 158
– Kriemhild
47137 Unter den Ulmen 131
– Maria 47057 Graben- 171
– Marianne 47057 Kortum- 45
– Marlies 47269 Am Thelenbusch 41a
– Michaela 47198 Garten- 5
– Ralf 47059 Butterweg 36
– Reiner 47269 Am Thelenbusch 41a
– Uwe 47059 Essenberger- 281
– Waldemar 47119 Turm- 32
– Willi 47057 Kortum- 45
Käsch Birgit 47057 Akazien- 13
– Hans-Jörg 47057 Akazien- 13
– Margarete 47057 Graben- 172
– Rudolf 47057 Graben- 172
Käse Hagen 47119 Haniel- 5
– Ilse 47051 Alter Markt 11
– Lothar 47057 Klöckner- 111
– Wilhelm 47228 Feld- 27
Käseberg Thomas 47057 Wald- 144
Käsebier Horst
47239 Rheinhausener- 4
– Lieselotte 47239 Rheinhausener- 4
Käsehage Ingo 47057 Kammer- 122
Käseler Elke 47269 Falk- 64
Kaeseler Frieda
47139 Friedrich-Ebert- 238
Käsemann Gertrud
47269 Zu den Birken 2a
Käsemann Heike 47119 Luisen- 7
Käsemann Karl-Heinz
47269 Zu den Birken 2a
– Klaus Dr.
47199 Auf dem Bremmenkamp 10
Käsemann Magdalene
47119 Luisen- 7
– Veronika 47137 Gabelsberger- 54
Käser Albrecht 47199 Augusta- 62
Käser Manfred
47053 Krummenhak- 24
Käsgen Andreas 47137 Reinhold- 28
– Heinrich 47137 Reinhold- 28
– Stefan 47051 Tibi- 26
Kaeske Tanja 47137 Bleibtreu- 7
Kaester Heinz 47051 Oranien- 2
– Ulla 47051 Oranien- 2
Käsler Albrecht 47138 Zoppenbrück- 22
– Anne 47137 Laaker- 34
– Barbara 47137 Herwarth- 37
– Frank 47139 Ostackerweg 40
– Hans 47138 Zoppenbrück- 22
Käsler Heike 47139 Ostackerweg 40
– Heinz 47137 Laaker- 34
– Josef 47169 Feld- 52a
– Klaus-Dieter
47138 Zoppenbrück- 22
Käsler Siegfried 47169 Feld- 52a
– Walter 47166 Gustav- 10
– Werner 47179 Hoover- 10
Kaesling Dennis 47139 Wandjes- 7
– Ditlav 47226 Storm- 7
– Erika 47226 Storm- 7
– Friedhelm 47139 Wandjes- 7
– Gerda 47229 Schützen- 60
– Manfred 47229 Schützen- 60
– Wilma 47139 Wandjes- 7
Käsmann Britta 47166 Körner- 110
– Detlef 47166 Körner- 110
– Michael 47166 Körner- 110
Käßberg Friedhelm 47239 Schiller- 2a
– Heinrich 47239 Rheinhausener- 3
– Karlheinz 47239 Hochfeld- 83
– Nicole 47239 Hochfeld- 83
– Werner 47239 Hochfeld- 83
Käßler Daniela 47198 König- 49
– Ralf 47198 König- 49
Käßner Else 47167 Lehrer- 33
– Ernst 47166 Blüten- 62
– Friedhelm
47169 Kaiser-Friedrich- 126
Kaessner Jens 47053 Moritz- 27
Käßner Marianne 47166 Blüten- 62
– Marianne
47169 Kaiser-Friedrich- 126
– Silvia 47057 Neudorfer- 179
– Thomas 47166 Blüten- 62
Kästel Dieter 47179 Jupiter- 38
– Elli 47259 Rennhaus- 17
– Franz-Joachim 47259 Im Bonnefeld 6
– Marita 47259 Im Bonnefeld 6
– Michael 47137 Wirter- 35
– Regina 47179 Jupiter- 38
Kästingschäfer Ingeborg
47137 Siegfried- 14
Kästner Angela 47055 Kauf- 23
– Bernd 47259 Kaiserswerther- 215a
– Bernd 47055 Kauf- 23
Kaestner Brigitte 47053 Menzel- 49
– Claudia
47269 Großenbaumer Allee 270
– Detlef 47228 Rebhuhnweg 5
– Edith 47239 Bromberger- 3
– Gertrud 47239 Gleiwitzer- 5
– Jan 47119 Au- 10
– Jochen
47058 Gerhart-Hauptmann- 82
– Jürgen 47053 Menzel- 49
Kaestner Margret 47167 Garten- 52
– Martina 47229 Henschel- 8
Kaestner Martina 47229 Scheusen- 54
Kästner Michael 47166 Goethe- 91
Kästner Michael
47259 Kaiserswerther- 215a
Firmen, Gewerbebetriebe usw. nach Namen – siehe gelber Teil	A-DU
